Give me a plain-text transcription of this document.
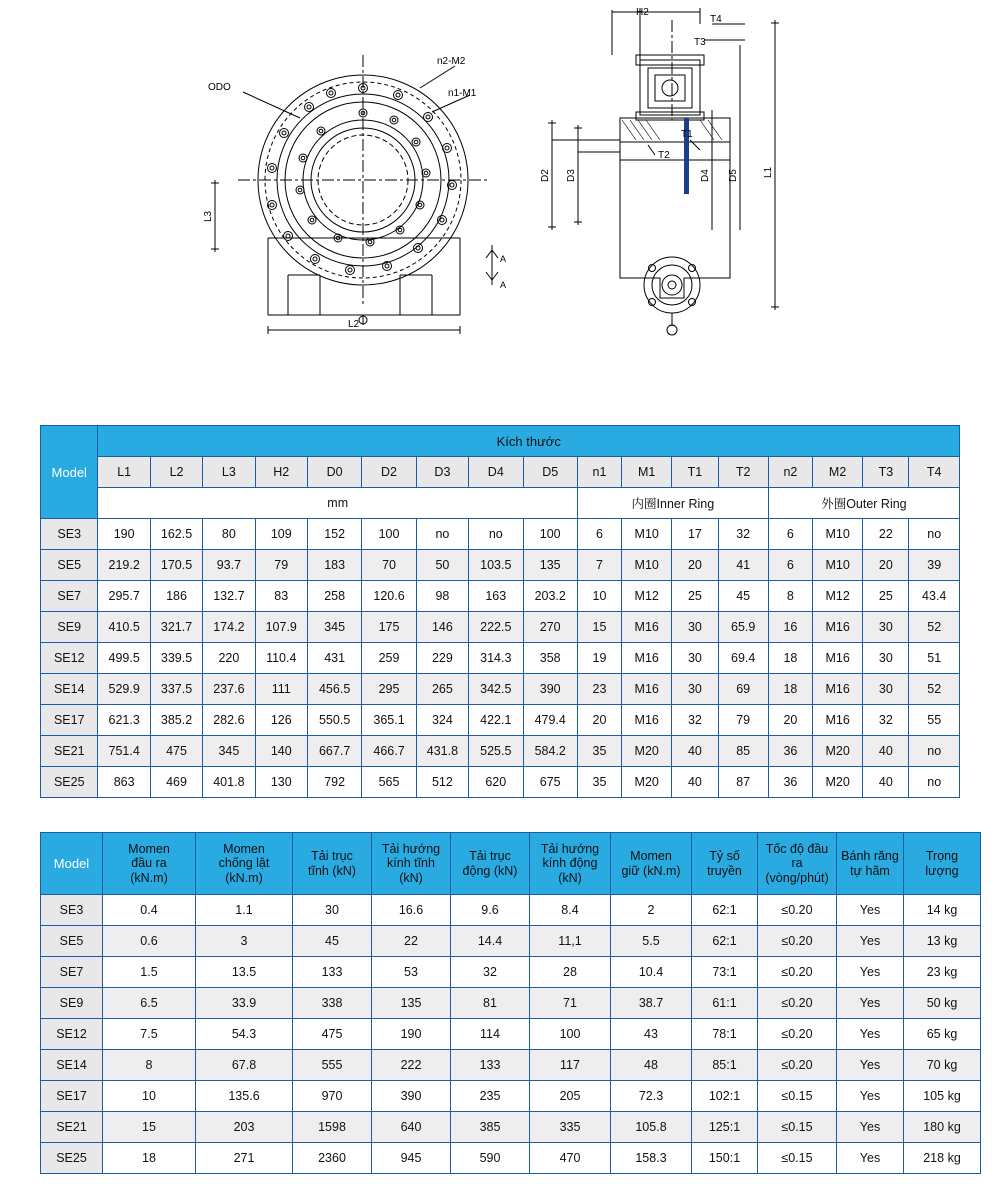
ODO
n2-M2
n1-M1
L3
L2
A
A
H2
T4
T3
T1
T2
D2 D3	D4 D5 L1
Model	Kích thước																
	L1	L2	L3	H2	D0	D2	D3	D4	D5	n1	M1	T1	T2	n2	M2	T3	T4
	mm									内圈Inner Ring				外圈Outer Ring			
SE3	190	162.5	80	109	152	100	no	no	100	6	M10	17	32	6	M10	22	no
SE5	219.2	170.5	93.7	79	183	70	50	103.5	135	7	M10	20	41	6	M10	20	39
SE7	295.7	186	132.7	83	258	120.6	98	163	203.2	10	M12	25	45	8	M12	25	43.4
SE9	410.5	321.7	174.2	107.9	345	175	146	222.5	270	15	M16	30	65.9	16	M16	30	52
SE12	499.5	339.5	220	110.4	431	259	229	314.3	358	19	M16	30	69.4	18	M16	30	51
SE14	529.9	337.5	237.6	111	456.5	295	265	342.5	390	23	M16	30	69	18	M16	30	52
SE17	621.3	385.2	282.6	126	550.5	365.1	324	422.1	479.4	20	M16	32	79	20	M16	32	55
SE21	751.4	475	345	140	667.7	466.7	431.8	525.5	584.2	35	M20	40	85	36	M20	40	no
SE25	863	469	401.8	130	792	565	512	620	675	35	M20	40	87	36	M20	40	no
Model	
Momen
đầu ra
(kN.m)

Momen
chống lật
(kN.m)

Tải trục
tĩnh (kN)

Tải hướng
kính tĩnh
(kN)

Tải trục
động (kN)

Tải hướng
kính động
(kN)

Momen
giữ (kN.m)

Tỷ số
truyền

Tốc độ đầu
ra
(vòng/phút)

Bánh răng
tự hãm

Trọng
lượng

SE3	0.4	1.1	30	16.6	9.6	8.4	2	62:1	≤0.20	Yes	14 kg
SE5	0.6	3	45	22	14.4	11,1	5.5	62:1	≤0.20	Yes	13 kg
SE7	1.5	13.5	133	53	32	28	10.4	73:1	≤0.20	Yes	23 kg
SE9	6.5	33.9	338	135	81	71	38.7	61:1	≤0.20	Yes	50 kg
SE12	7.5	54.3	475	190	114	100	43	78:1	≤0.20	Yes	65 kg
SE14	8	67.8	555	222	133	117	48	85:1	≤0.20	Yes	70 kg
SE17	10	135.6	970	390	235	205	72.3	102:1	≤0.15	Yes	105 kg
SE21	15	203	1598	640	385	335	105.8	125:1	≤0.15	Yes	180 kg
SE25	18	271	2360	945	590	470	158.3	150:1	≤0.15	Yes	218 kg
